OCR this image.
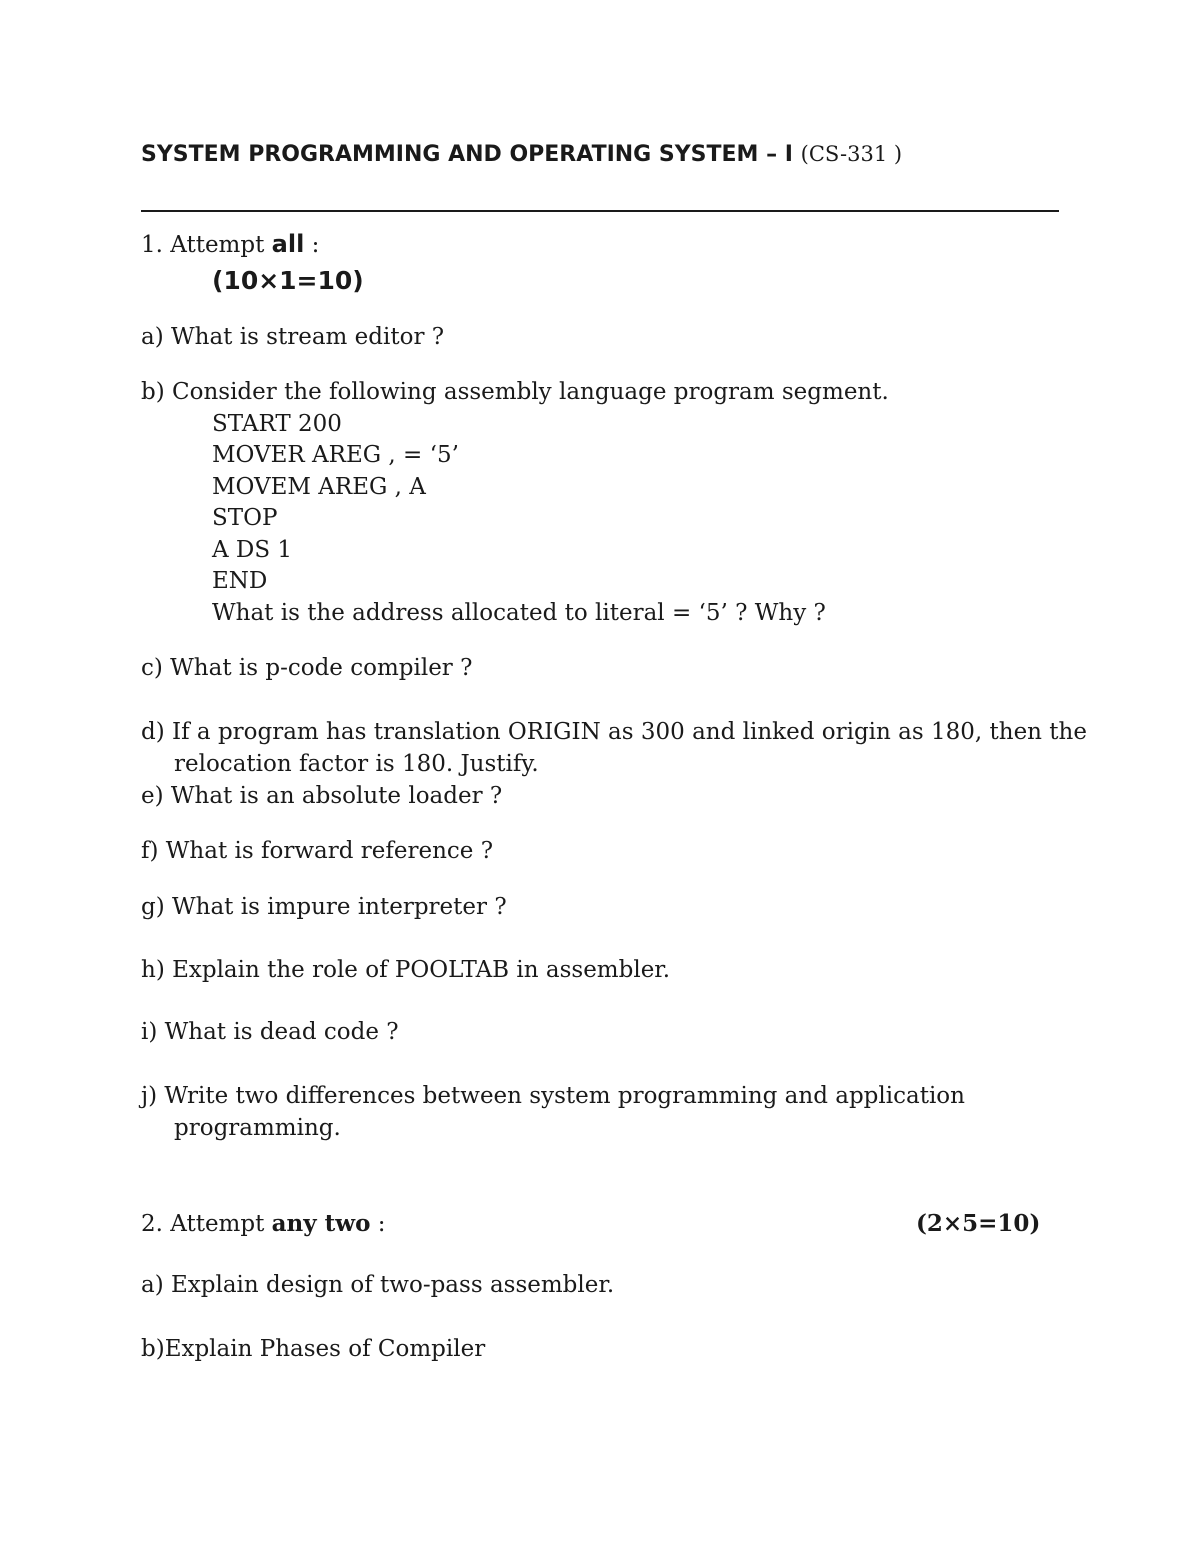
SYSTEM PROGRAMMING AND OPERATING SYSTEM – I (CS-331 )
1. Attempt all :
(10×1=10)
a) What is stream editor ?
b) Consider the following assembly language program segment.
START 200
MOVER AREG , = ‘5’
MOVEM AREG , A
STOP
A DS 1
END
What is the address allocated to literal = ‘5’ ? Why ?
c) What is p-code compiler ?
d) If a program has translation ORIGIN as 300 and linked origin as 180, then the
relocation factor is 180. Justify.
e) What is an absolute loader ?
f) What is forward reference ?
g) What is impure interpreter ?
h) Explain the role of POOLTAB in assembler.
i) What is dead code ?
j) Write two differences between system programming and application
programming.
2. Attempt any two :	(2×5=10)
a) Explain design of two-pass assembler.
b)Explain Phases of Compiler
